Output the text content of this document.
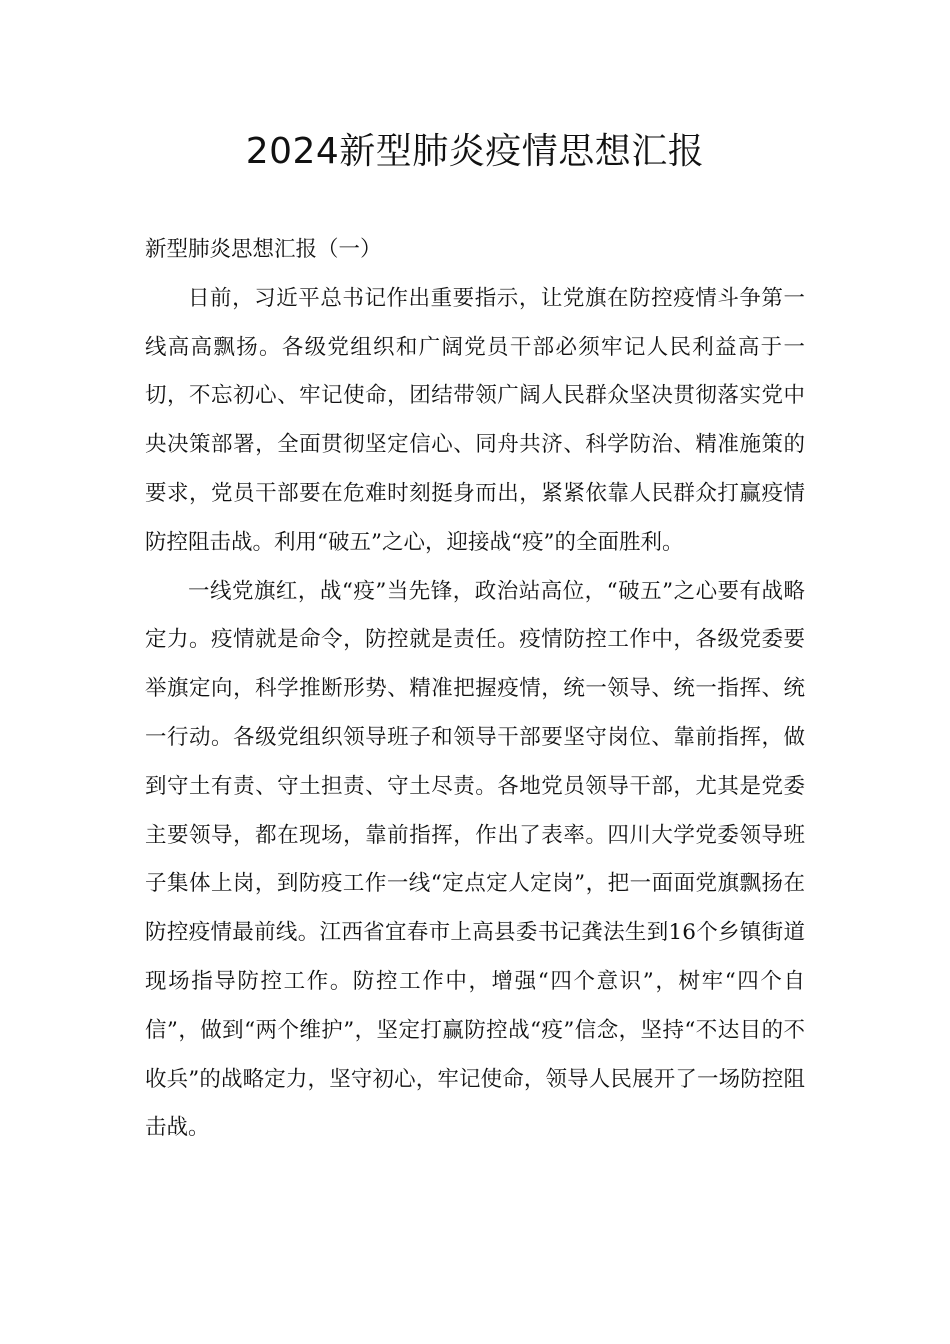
2024新型肺炎疫情思想汇报

新型肺炎思想汇报（一）

日前，习近平总书记作出重要指示，让党旗在防控疫情斗争第一线高高飘扬。各级党组织和广阔党员干部必须牢记人民利益高于一切，不忘初心、牢记使命，团结带领广阔人民群众坚决贯彻落实党中央决策部署，全面贯彻坚定信心、同舟共济、科学防治、精准施策的要求，党员干部要在危难时刻挺身而出，紧紧依靠人民群众打赢疫情防控阻击战。利用“破五”之心，迎接战“疫”的全面胜利。

一线党旗红，战“疫”当先锋，政治站高位，“破五”之心要有战略定力。疫情就是命令，防控就是责任。疫情防控工作中，各级党委要举旗定向，科学推断形势、精准把握疫情，统一领导、统一指挥、统一行动。各级党组织领导班子和领导干部要坚守岗位、靠前指挥，做到守土有责、守土担责、守土尽责。各地党员领导干部，尤其是党委主要领导，都在现场，靠前指挥，作出了表率。四川大学党委领导班子集体上岗，到防疫工作一线“定点定人定岗”，把一面面党旗飘扬在防控疫情最前线。江西省宜春市上高县委书记龚法生到16个乡镇街道现场指导防控工作。防控工作中，增强“四个意识”，树牢“四个自信”，做到“两个维护”，坚定打赢防控战“疫”信念，坚持“不达目的不收兵”的战略定力，坚守初心，牢记使命，领导人民展开了一场防控阻击战。
